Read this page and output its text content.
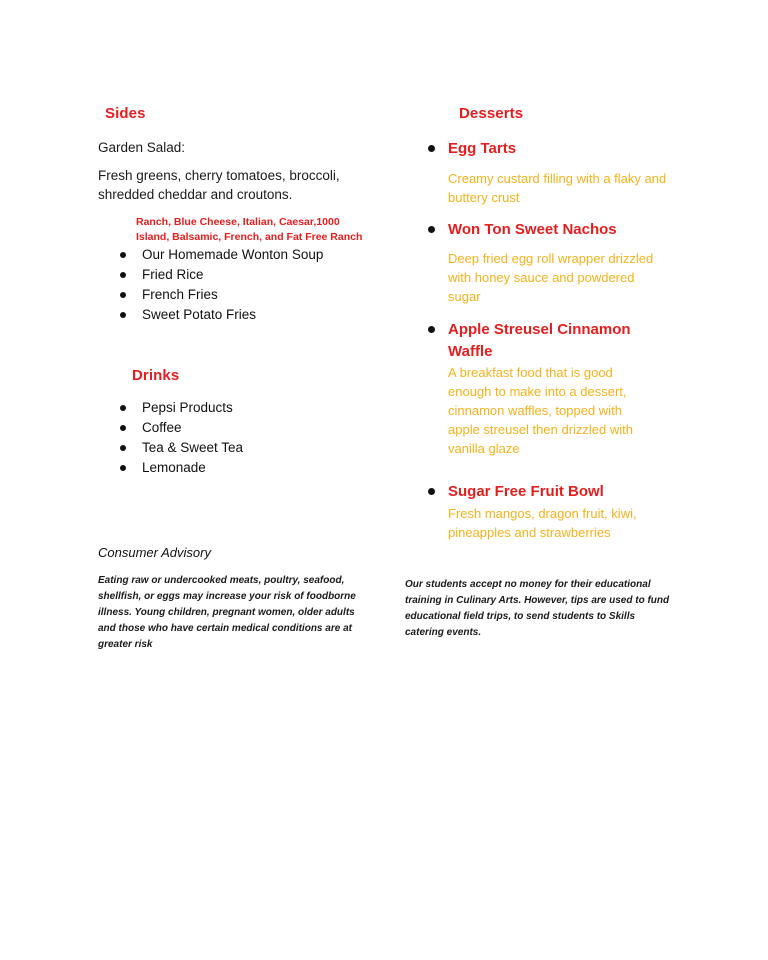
Sides
Garden Salad:
Fresh greens, cherry tomatoes, broccoli, shredded cheddar and croutons.
Ranch, Blue Cheese, Italian, Caesar,1000 Island, Balsamic, French, and Fat Free Ranch
Our Homemade Wonton Soup
Fried Rice
French Fries
Sweet Potato Fries
Drinks
Pepsi Products
Coffee
Tea & Sweet Tea
Lemonade
Desserts
Egg Tarts
Creamy custard filling with a flaky and buttery crust
Won Ton Sweet Nachos
Deep fried egg roll wrapper drizzled with honey sauce and powdered sugar
Apple Streusel Cinnamon Waffle
A breakfast food that is good enough to make into a dessert, cinnamon waffles, topped with apple streusel then drizzled with vanilla glaze
Sugar Free Fruit Bowl
Fresh mangos, dragon fruit, kiwi, pineapples and strawberries
Consumer Advisory
Eating raw or undercooked meats, poultry, seafood, shellfish, or eggs may increase your risk of foodborne illness. Young children, pregnant women, older adults and those who have certain medical conditions are at greater risk
Our students accept no money for their educational training in Culinary Arts. However, tips are used to fund educational field trips, to send students to Skills catering events.
